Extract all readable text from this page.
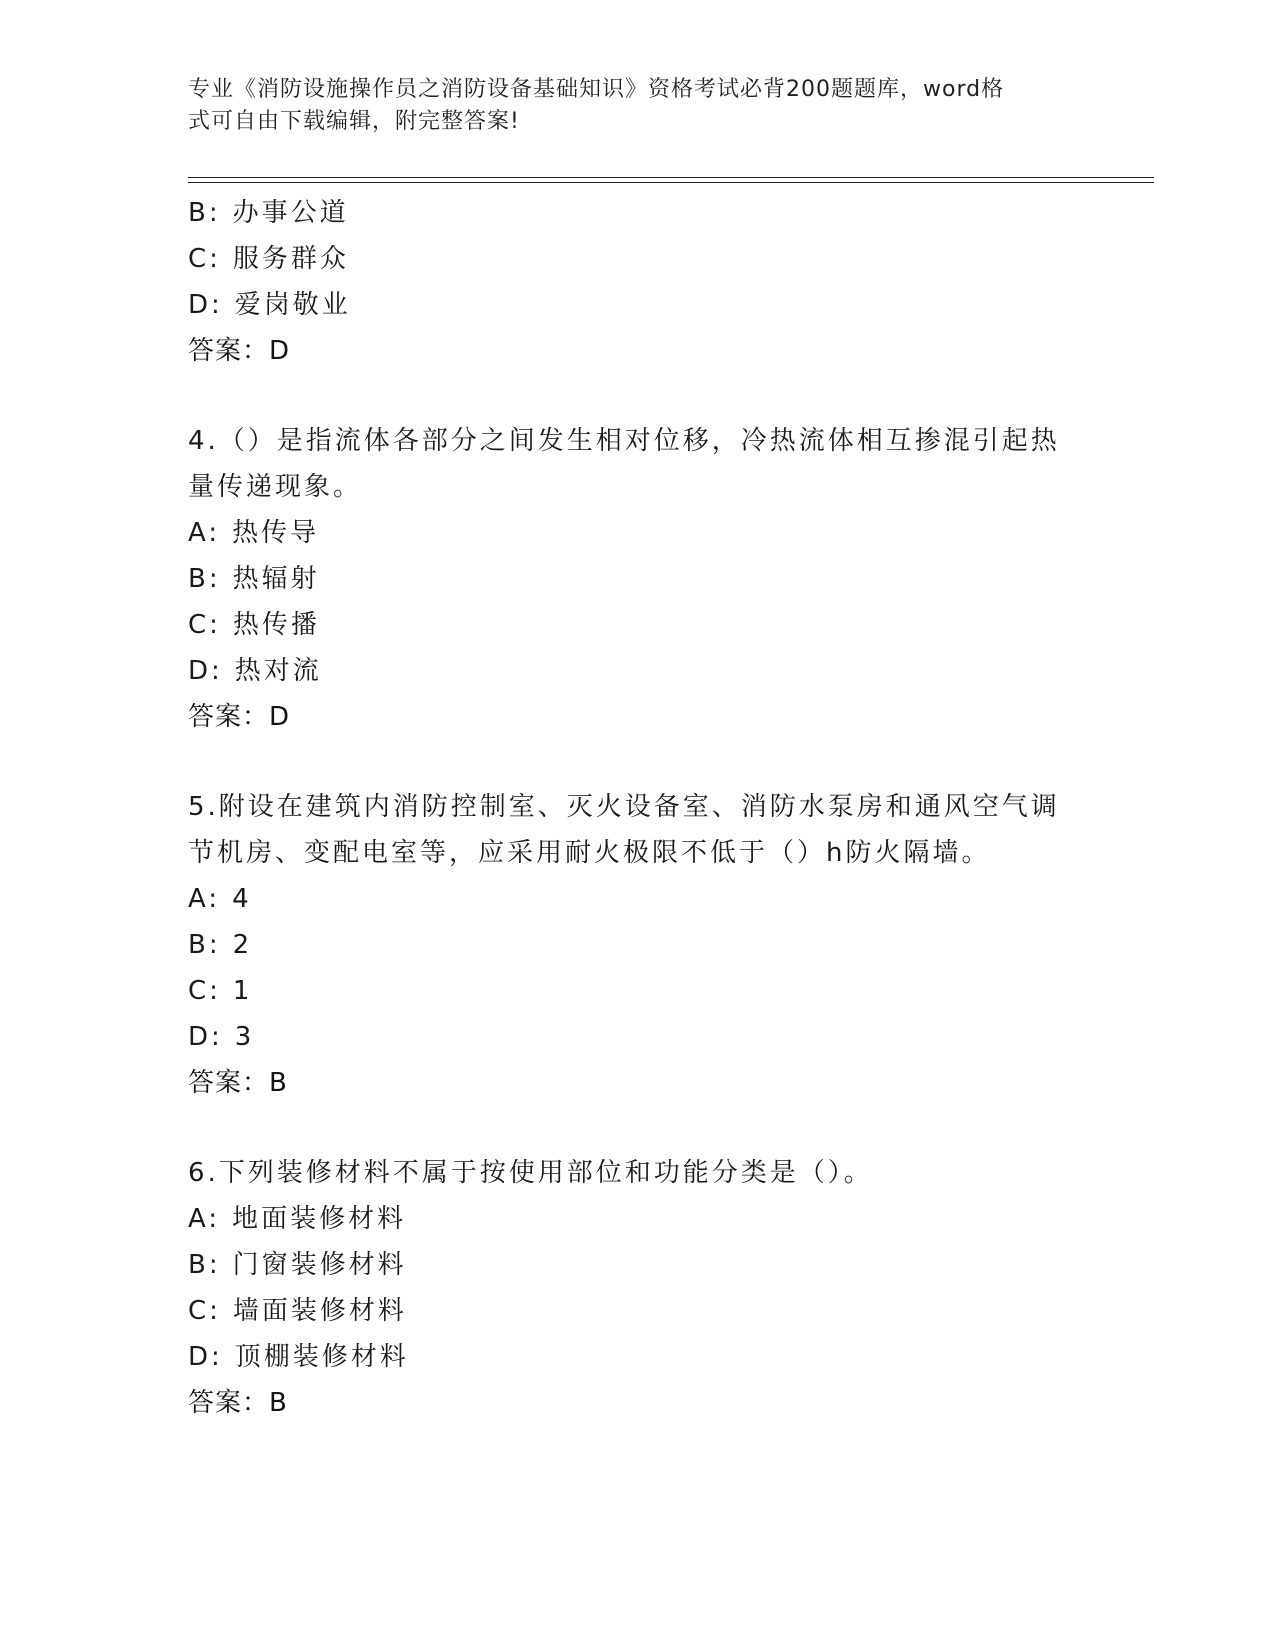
专业《消防设施操作员之消防设备基础知识》资格考试必背200题题库，word格
式可自由下载编辑，附完整答案!
B: 办事公道
C: 服务群众
D: 爱岗敬业
答案：D
4.（）是指流体各部分之间发生相对位移，冷热流体相互掺混引起热
量传递现象。
A: 热传导
B: 热辐射
C: 热传播
D: 热对流
答案：D
5.附设在建筑内消防控制室、灭火设备室、消防水泵房和通风空气调
节机房、变配电室等，应采用耐火极限不低于（）h防火隔墙。
A: 4
B: 2
C: 1
D: 3
答案：B
6.下列装修材料不属于按使用部位和功能分类是（）。
A: 地面装修材料
B: 门窗装修材料
C: 墙面装修材料
D: 顶棚装修材料
答案：B
